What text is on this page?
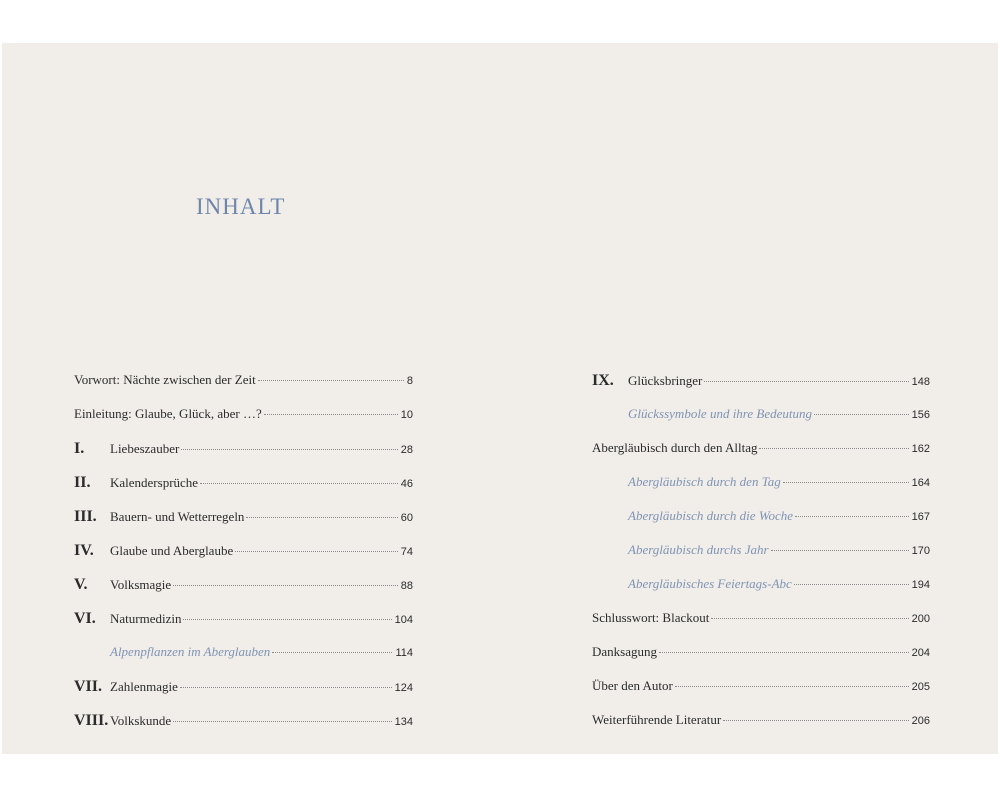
INHALT
Vorwort: Nächte zwischen der Zeit	8
Einleitung: Glaube, Glück, aber …?	10
I.	Liebeszauber	28
II.	Kalendersprüche	46
III.	Bauern- und Wetterregeln	60
IV.	Glaube und Aberglaube	74
V.	Volksmagie	88
VI.	Naturmedizin	104
Alpenpflanzen im Aberglauben	114
VII. Zahlenmagie	124
VIII. Volkskunde	134
IX.	Glücksbringer	148
Glückssymbole und ihre Bedeutung	156
Abergläubisch durch den Alltag	162
Abergläubisch durch den Tag	164
Abergläubisch durch die Woche	167
Abergläubisch durchs Jahr	170
Abergläubisches Feiertags-Abc	194
Schlusswort: Blackout	200
Danksagung	204
Über den Autor	205
Weiterführende Literatur	206
